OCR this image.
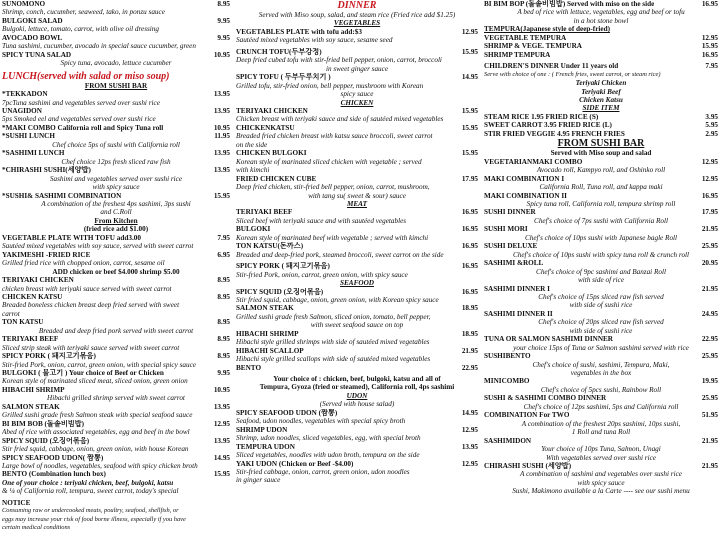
SUNOMONO	8.95
Shrimp, conch, cucumber, seaweed, tako, in ponzu sauce
BULGOKI SALAD	9.95
Bulgoki, lettuce, tomato, carrot, with olive oil dressing
AVOCADO BOWL	9.95
Tuna sashimi, cucumber, avocado in special sauce cucumber, green
SPICY TUNA SALAD	10.95
Spicy tuna, avocado, lettuce cucumber
LUNCH(served with salad or miso soup)
FROM SUSHI BAR
*TEKKADON	13.95
7pcTuna sashimi and vegetables served over sushi rice
UNAGIDON	13.95
5ps Smoked eel and vegetables served over sushi rice
*MAKI COMBO California roll and Spicy Tuna roll	10.95
*SUSHI LUNCH	11.95
Chef choice 5ps of sushi with California roll
*SASHIMI LUNCH	13.95
Chef choice 12ps fresh sliced raw fish
*CHIRASHI SUSHI(세양밥)	13.95
Sashimi and vegetables served over sushi rice
with spicy sauce
*SUSHI& SASHIMI COMBINATION	15.95
A combination of the freshest 4ps sashimi, 3ps sushi
and C.Roll
From Kitchen
(fried rice add $1.00)
VEGETABLE PLATE WITH TOFU add3.00	7.95
Sautéed mixed vegetables with soy sauce, served with sweet carrot
YAKIMESHI -FRIED RICE	6.95
Grilled fried rice with chopped onion, carrot, sesame oil
ADD chicken or beef $4.000 shrimp $5.00
TERIYAKI CHICKEN	8.95
chicken breast with teriyaki sauce served with sweet carrot
CHICKEN KATSU	8.95
Breaded boneless chicken breast deep fried served with sweet
carrot
TON KATSU	8.95
Breaded and deep fried pork served with sweet carrot
TERIYAKI BEEF	8.95
Sliced strip steak with teriyaki sauce served with sweet carrot
SPICY PORK ( 돼지고기볶음)	8.95
Stir-fried Pork, onion, carrot, green onion, with special spicy sauce
BULGOKI ( 불고기 ) Your choice of Beef or Chicken	9.95
Korean style of marinated sliced meat, sliced onion, green onion
HIBACHI SHRIMP	10.95
Hibachi grilled shrimp served with sweet carrot
SALMON STEAK	13.95
Grilled sushi grade fresh Salmon steak with special seafood sauce
BI BIM BOB (돌솥비빔밥)	12.95
Abed of rice with associated vegetables, egg and beef in the bowl
SPICY SQUID (오징어볶음)	13.95
Stir fried squid, cabbage, onion, green onion, with house Korean
SPICY SEAFOOD UDON( 짬뽕)	14.95
Large bowl of noodles, vegetables, seafood with spicy chicken broth
BENTO (Combination lunch box)	15.95
One of your choice : teriyaki chicken, beef, bulgoki, katsu
& ¼ of California roll, tempura, sweet carrot, today's special
NOTICE
Consuming raw or undercooked meats, poultry, seafood, shellfish, or
eggs may increase your risk of food borne illness, especially if you have
certain medical conditions
DINNER
Served with Miso soup, salad, and steam rice (Fried rice add $1.25)
VEGETABLES
VEGETABLES PLATE with tofu add:$3	12.95
Sautéed mixed vegetables with soy sauce, sesame seed
CRUNCH TOFU(두부강정)	15.95
Deep fried cubed tofu with stir-fried bell pepper, onion, carrot, broccoli
in sweet ginger sauce
SPICY TOFU ( 두부두루치기 )	14.95
Grilled tofu, stir-fried onion, bell pepper, mushroom with Korean
spicy sauce
CHICKEN
TERIYAKI CHICKEN	15.95
Chicken breast with teriyaki sauce and side of sautéed mixed vegetables
CHICKENKATSU	15.95
Breaded fried chicken breast with katsu sauce broccoli, sweet carrot
on the side
CHICKEN BULGOKI	15.95
Korean style of marinated sliced chicken with vegetable ; served
with kimchi
FRIED CHICKEN CUBE	17.95
Deep fried chicken, stir-fried bell pepper, onion, carrot, mushroom,
with tang su( sweet & sour) sauce
MEAT
TERIYAKI BEEF	16.95
Sliced beef with teriyaki sauce and with sautéed vegetables
BULGOKI	16.95
Korean style of marinated beef with vegetable ; served with kimchi
TON KATSU(돈까스)	16.95
Breaded and deep-fried pork, steamed broccoli, sweet carrot on the side
SPICY PORK ( 돼지고기볶음)	16.95
Stir-fried Pork, onion, carrot, green onion, with spicy sauce
SEAFOOD
SPICY SQUID (오징어볶음)	16.95
Stir fried squid, cabbage, onion, green onion, with Korean spicy sauce
SALMON STEAK	18.95
Grilled sushi grade fresh Salmon, sliced onion, tomato, bell pepper,
with sweet seafood sauce on top
HIBACHI SHRIMP	18.95
Hibachi style grilled shrimps with side of sautéed mixed vegetables
HIBACHI SCALLOP	21.95
Hibachi style grilled scallops with side of sautéed mixed vegetables
BENTO	22.95
Your choice of : chicken, beef, bulgoki, katsu and all of
Tempura, Gyoza (fried or steamed), California roll, 4ps sashimi
UDON
(Served with house salad)
SPICY SEAFOOD UDON (짬뽕)	14.95
Seafood, udon noodles, vegetables with special spicy broth
SHRIMP UDON	12.95
Shrimp, udon noodles, sliced vegetables, egg, with special broth
TEMPURA UDON	13.95
Sliced vegetables, noodles with udon broth, tempura on the side
YAKI UDON (Chicken or Beef -$4.00)	12.95
Stir-fried cabbage, onion, carrot, green onion, udon noodles
in ginger sauce
BI BIM BOP (돌솥비빔밥) Served with miso on the side	16.95
A bed of rice with lettuce, vegetables, egg and beef or tofu
in a hot stone bowl
TEMPURA(Japanese style of deep-fried)
VEGETABLE TEMPURA	12.95
SHRIMP & VEGE. TEMPURA	15.95
SHRIMP TEMPURA	16.95
CHILDREN'S DINNER Under 11 years old	7.95
Serve with choice of one : ( French fries, sweet carrot, or steam rice)
Teriyaki Chicken
Teriyaki Beef
Chicken Katsu
SIDE ITEM
STEAM RICE 1.95 FRIED RICE (S)	3.95
SWEET CARROT 3.95 FRIED RICE (L)	5.95
STIR FRIED VEGGIE 4.95 FRENCH FRIES	2.95
FROM SUSHI BAR
Served with Miso soup and salad
VEGETARIANMAKI COMBO	12.95
Avocado roll, Kampyo roll, and Oshinko roll
MAKI COMBINATION I	12.95
California Roll, Tuna roll, and kappa maki
MAKI COMBINATION II	16.95
Spicy tuna roll, California roll, tempura shrimp roll
SUSHI DINNER	17.95
Chef's choice of 7ps sushi with California Roll
SUSHI MORI	21.95
Chef's choice of 10ps sushi with Japanese bagle Roll
SUSHI DELUXE	25.95
Chef's choice of 10ps sushi with spicy tuna roll & crunch roll
SASHIMI &ROLL	20.95
Chef's choice of 9pc sashimi and Banzai Roll
with side of rice
SASHIMI DINNER I	21.95
Chef's choice of 15ps sliced raw fish served
with side of sushi rice
SASHIMI DINNER II	24.95
Chef's choice of 20ps sliced raw fish served
with side of sushi rice
TUNA OR SALMON SASHIMI DINNER	22.95
your choice 15ps of Tuna or Salmon sashimi served with rice
SUSHIBENTO	25.95
Chef's choice of sushi, sashimi, Tempura, Maki,
vegetables in the box
MINICOMBO	19.95
Chef's choice of 5pcs sushi, Rainbow Roll
SUSHI & SASHIMI COMBO DINNER	25.95
Chef's choice of 12ps sashimi, 5ps and California roll
COMBINATION For TWO	51.95
A combination of the freshest 20ps sashimi, 10ps sushi,
1 Roll and tuna Roll
SASHIMIDON	21.95
Your choice of 10ps Tuna, Salmon, Unagi
With vegetables served over sushi rice
CHIRASHI SUSHI (세양밥)	21.95
A combination of sashimi and vegetables over sushi rice
with spicy sauce
Sushi, Makimono available a la Carte ---- see our sushi menu
